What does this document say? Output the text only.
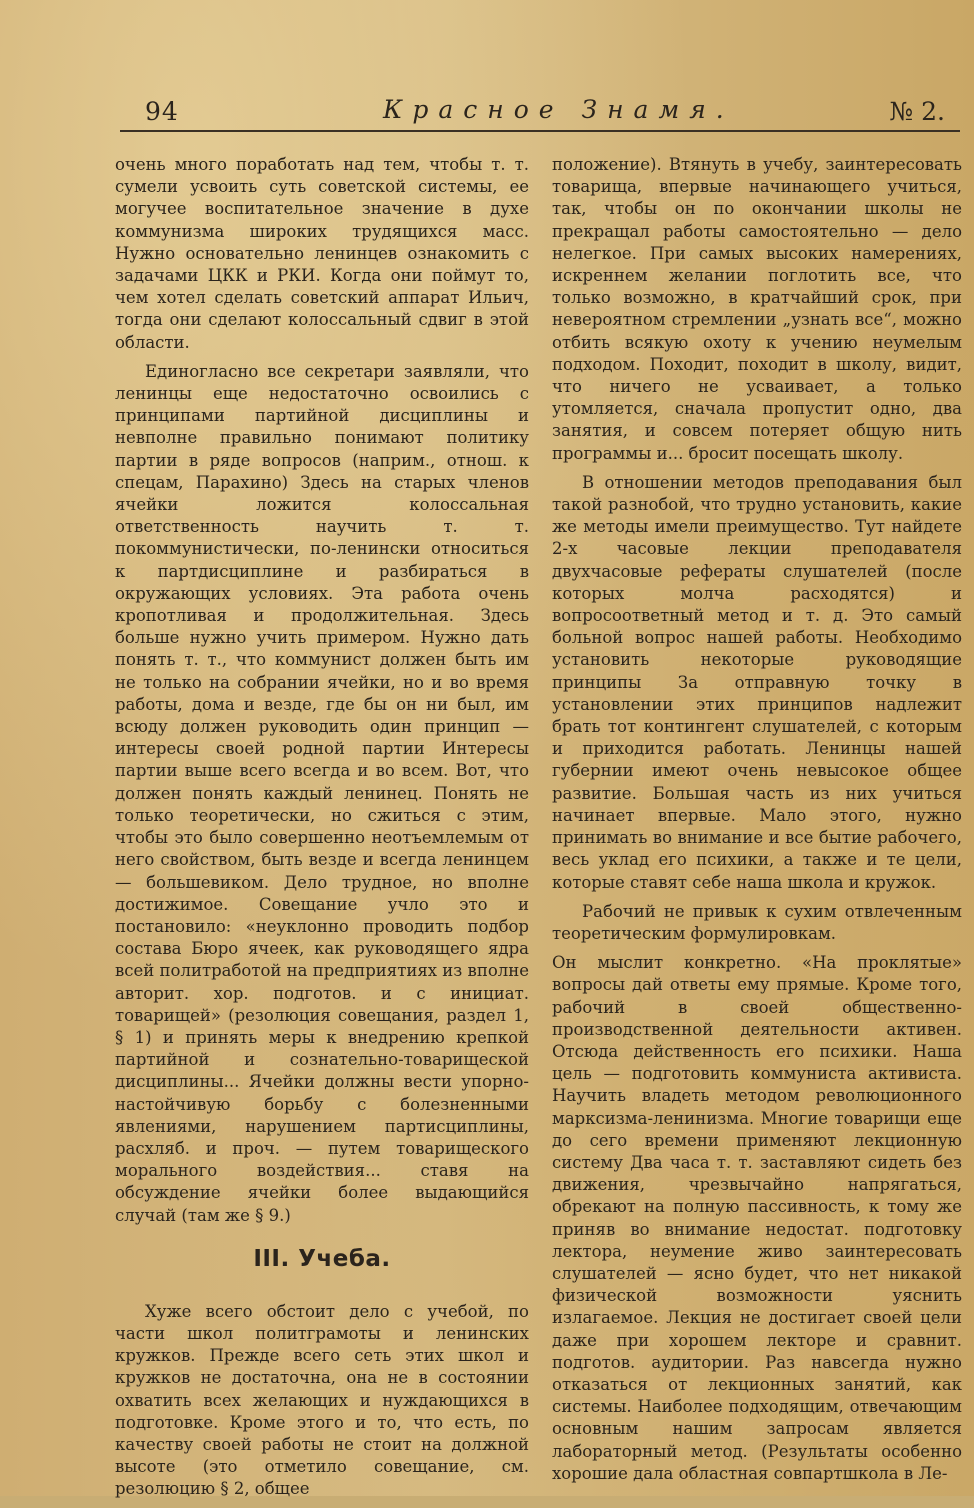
94	Красное Знамя.	№ 2.

очень много поработать над тем, чтобы т. т. сумели усвоить суть советской системы, ее могучее воспитательное значение в духе коммунизма широких трудящихся масс. Нужно основательно ленинцев ознакомить с задачами ЦКК и РКИ. Когда они поймут то, чем хотел сделать советский аппарат Ильич, тогда они сделают колоссальный сдвиг в этой области.

Единогласно все секретари заявляли, что ленинцы еще недостаточно освоились с принципами партийной дисциплины и невполне правильно понимают политику партии в ряде вопросов (наприм., отнош. к спецам, Парахино) Здесь на старых членов ячейки ложится колоссальная ответственность научить т. т. покоммунистически, по-ленински относиться к партдисциплине и разбираться в окружающих условиях. Эта работа очень кропотливая и продолжительная. Здесь больше нужно учить примером. Нужно дать понять т. т., что коммунист должен быть им не только на собрании ячейки, но и во время работы, дома и везде, где бы он ни был, им всюду должен руководить один принцип — интересы своей родной партии Интересы партии выше всего всегда и во всем. Вот, что должен понять каждый ленинец. Понять не только теоретически, но сжиться с этим, чтобы это было совершенно неотъемлемым от него свойством, быть везде и всегда ленинцем — большевиком. Дело трудное, но вполне достижимое. Совещание учло это и постановило: «неуклонно проводить подбор состава Бюро ячеек, как руководящего ядра всей политработой на предприятиях из вполне авторит. хор. подготов. и с инициат. товарищей» (резолюция совещания, раздел 1, § 1) и принять меры к внедрению крепкой партийной и сознательно-товарищеской дисциплины... Ячейки должны вести упорно-настойчивую борьбу с болезненными явлениями, нарушением партисциплины, расхляб. и проч. — путем товарищеского морального воздействия... ставя на обсуждение ячейки более выдающийся случай (там же § 9.)

III. Учеба.

Хуже всего обстоит дело с учебой, по части школ политграмоты и ленинских кружков. Прежде всего сеть этих школ и кружков не достаточна, она не в состоянии охватить всех желающих и нуждающихся в подготовке. Кроме этого и то, что есть, по качеству своей работы не стоит на должной высоте (это отметило совещание, см. резолюцию § 2, общее

положение). Втянуть в учебу, заинтересовать товарища, впервые начинающего учиться, так, чтобы он по окончании школы не прекращал работы самостоятельно — дело нелегкое. При самых высоких намерениях, искреннем желании поглотить все, что только возможно, в кратчайший срок, при невероятном стремлении „узнать все“, можно отбить всякую охоту к учению неумелым подходом. Походит, походит в школу, видит, что ничего не усваивает, а только утомляется, сначала пропустит одно, два занятия, и совсем потеряет общую нить программы и... бросит посещать школу.

В отношении методов преподавания был такой разнобой, что трудно установить, какие же методы имели преимущество. Тут найдете 2-х часовые лекции преподавателя двухчасовые рефераты слушателей (после которых молча расходятся) и вопросоответный метод и т. д. Это самый больной вопрос нашей работы. Необходимо установить некоторые руководящие принципы За отправную точку в установлении этих принципов надлежит брать тот контингент слушателей, с которым и приходится работать. Ленинцы нашей губернии имеют очень невысокое общее развитие. Большая часть из них учиться начинает впервые. Мало этого, нужно принимать во внимание и все бытие рабочего, весь уклад его психики, а также и те цели, которые ставят себе наша школа и кружок.

Рабочий не привык к сухим отвлеченным теоретическим формулировкам.

Он мыслит конкретно. «На проклятые» вопросы дай ответы ему прямые. Кроме того, рабочий в своей общественно-производственной деятельности активен. Отсюда действенность его психики. Наша цель — подготовить коммуниста активиста. Научить владеть методом революционного марксизма-ленинизма. Многие товарищи еще до сего времени применяют лекционную систему Два часа т. т. заставляют сидеть без движения, чрезвычайно напрягаться, обрекают на полную пассивность, к тому же приняв во внимание недостат. подготовку лектора, неумение живо заинтересовать слушателей — ясно будет, что нет никакой физической возможности уяснить излагаемое. Лекция не достигает своей цели даже при хорошем лекторе и сравнит. подготов. аудитории. Раз навсегда нужно отказаться от лекционных занятий, как системы. Наиболее подходящим, отвечающим основным нашим запросам является лабораторный метод. (Результаты особенно хорошие дала областная совпартшкола в Ле-
